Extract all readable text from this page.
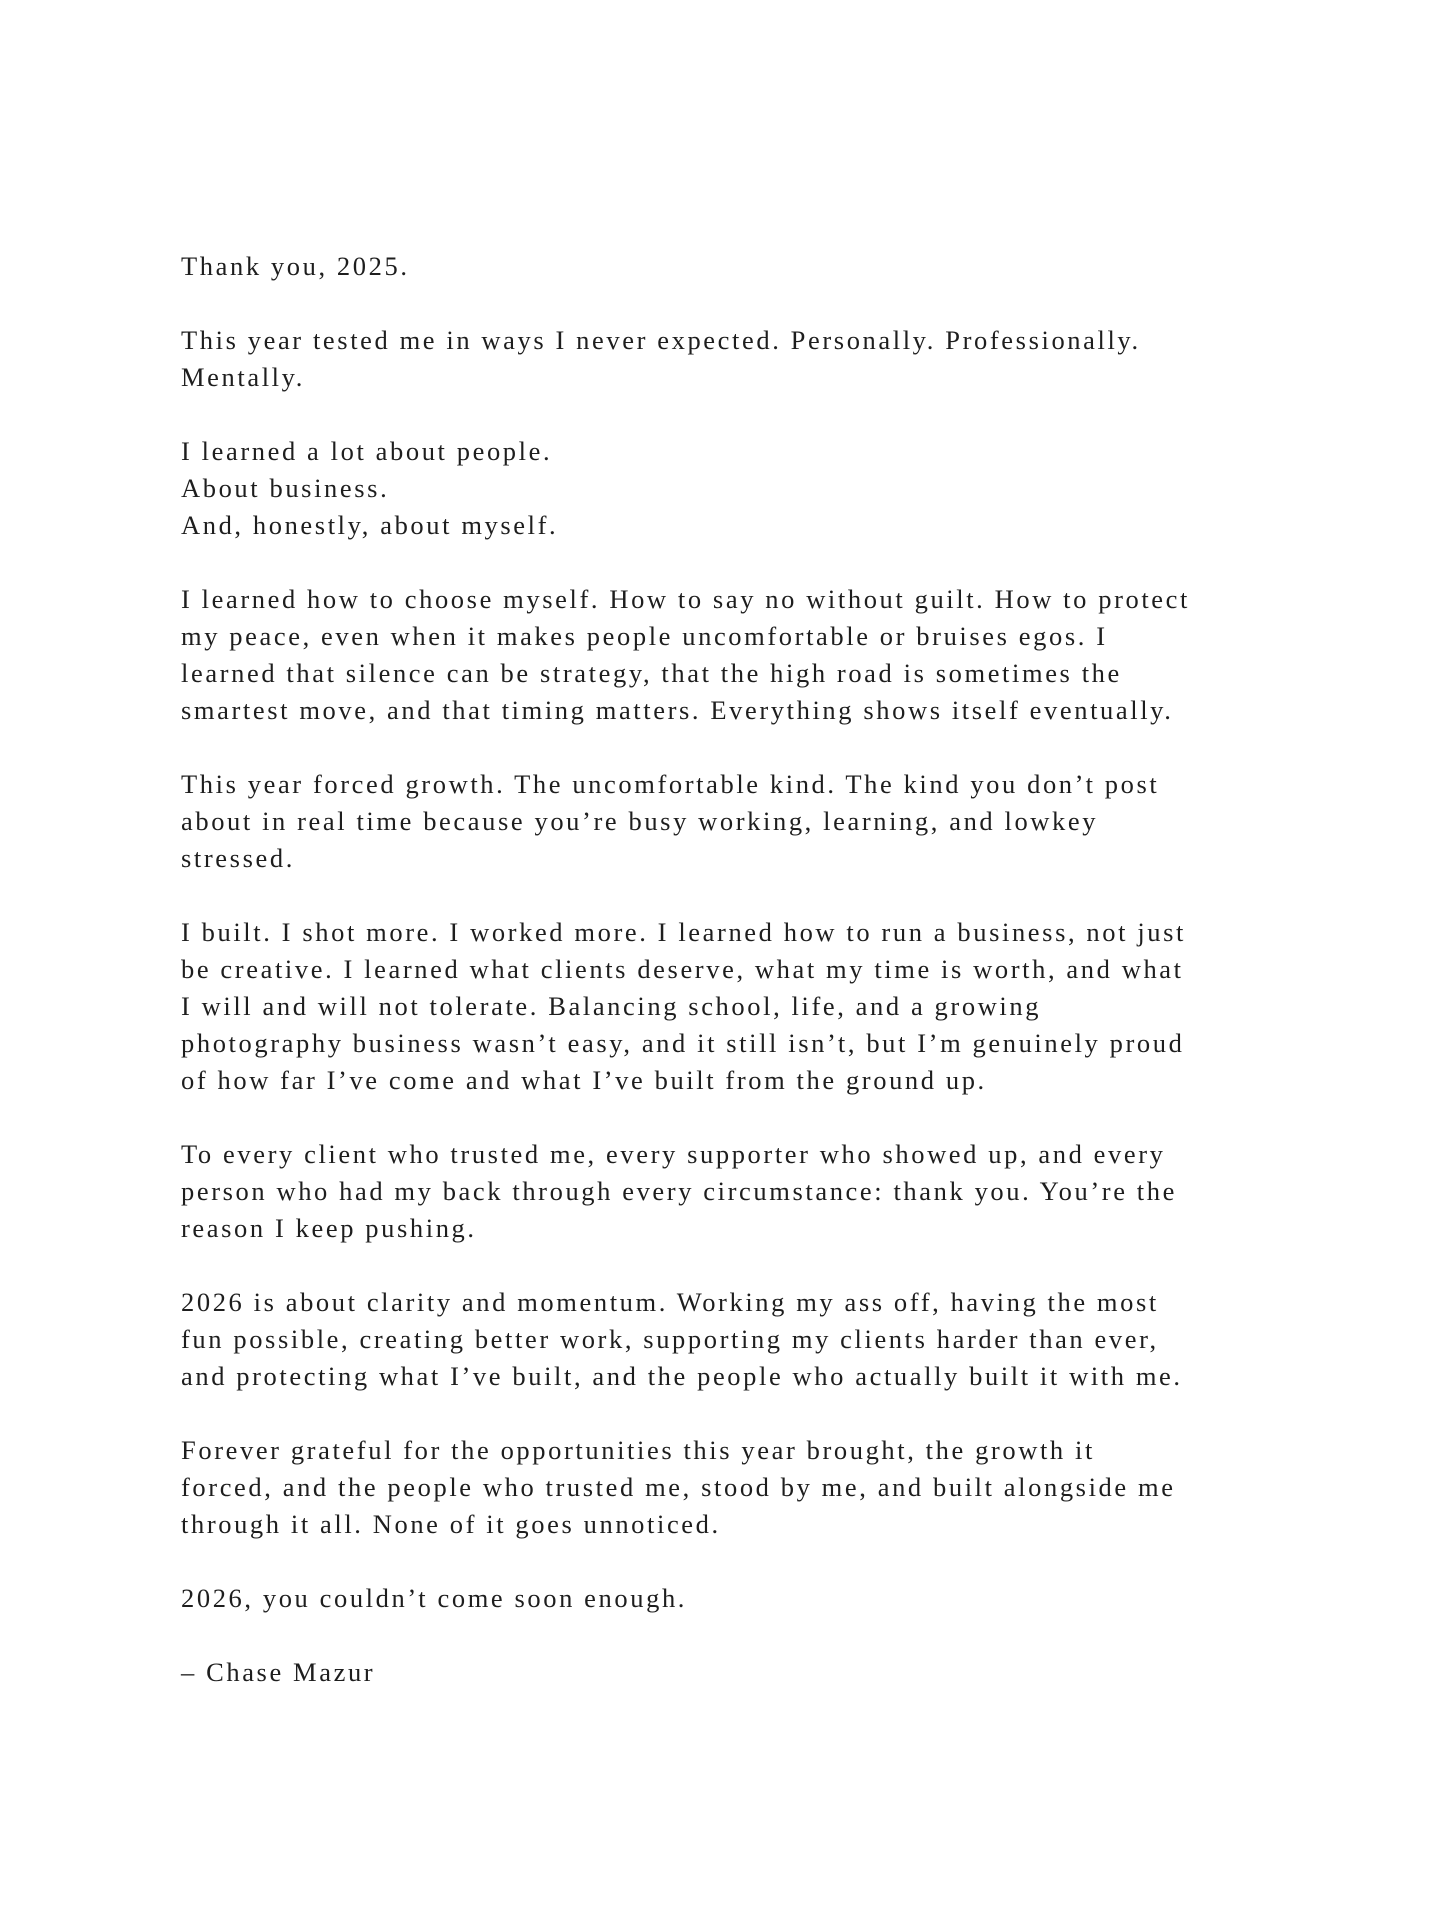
Thank you, 2025.

This year tested me in ways I never expected. Personally. Professionally.
Mentally.

I learned a lot about people.
About business.
And, honestly, about myself.

I learned how to choose myself. How to say no without guilt. How to protect
my peace, even when it makes people uncomfortable or bruises egos. I
learned that silence can be strategy, that the high road is sometimes the
smartest move, and that timing matters. Everything shows itself eventually.

This year forced growth. The uncomfortable kind. The kind you don’t post
about in real time because you’re busy working, learning, and lowkey
stressed.

I built. I shot more. I worked more. I learned how to run a business, not just
be creative. I learned what clients deserve, what my time is worth, and what
I will and will not tolerate. Balancing school, life, and a growing
photography business wasn’t easy, and it still isn’t, but I’m genuinely proud
of how far I’ve come and what I’ve built from the ground up.

To every client who trusted me, every supporter who showed up, and every
person who had my back through every circumstance: thank you. You’re the
reason I keep pushing.

2026 is about clarity and momentum. Working my ass off, having the most
fun possible, creating better work, supporting my clients harder than ever,
and protecting what I’ve built, and the people who actually built it with me.

Forever grateful for the opportunities this year brought, the growth it
forced, and the people who trusted me, stood by me, and built alongside me
through it all. None of it goes unnoticed.

2026, you couldn’t come soon enough.

– Chase Mazur
